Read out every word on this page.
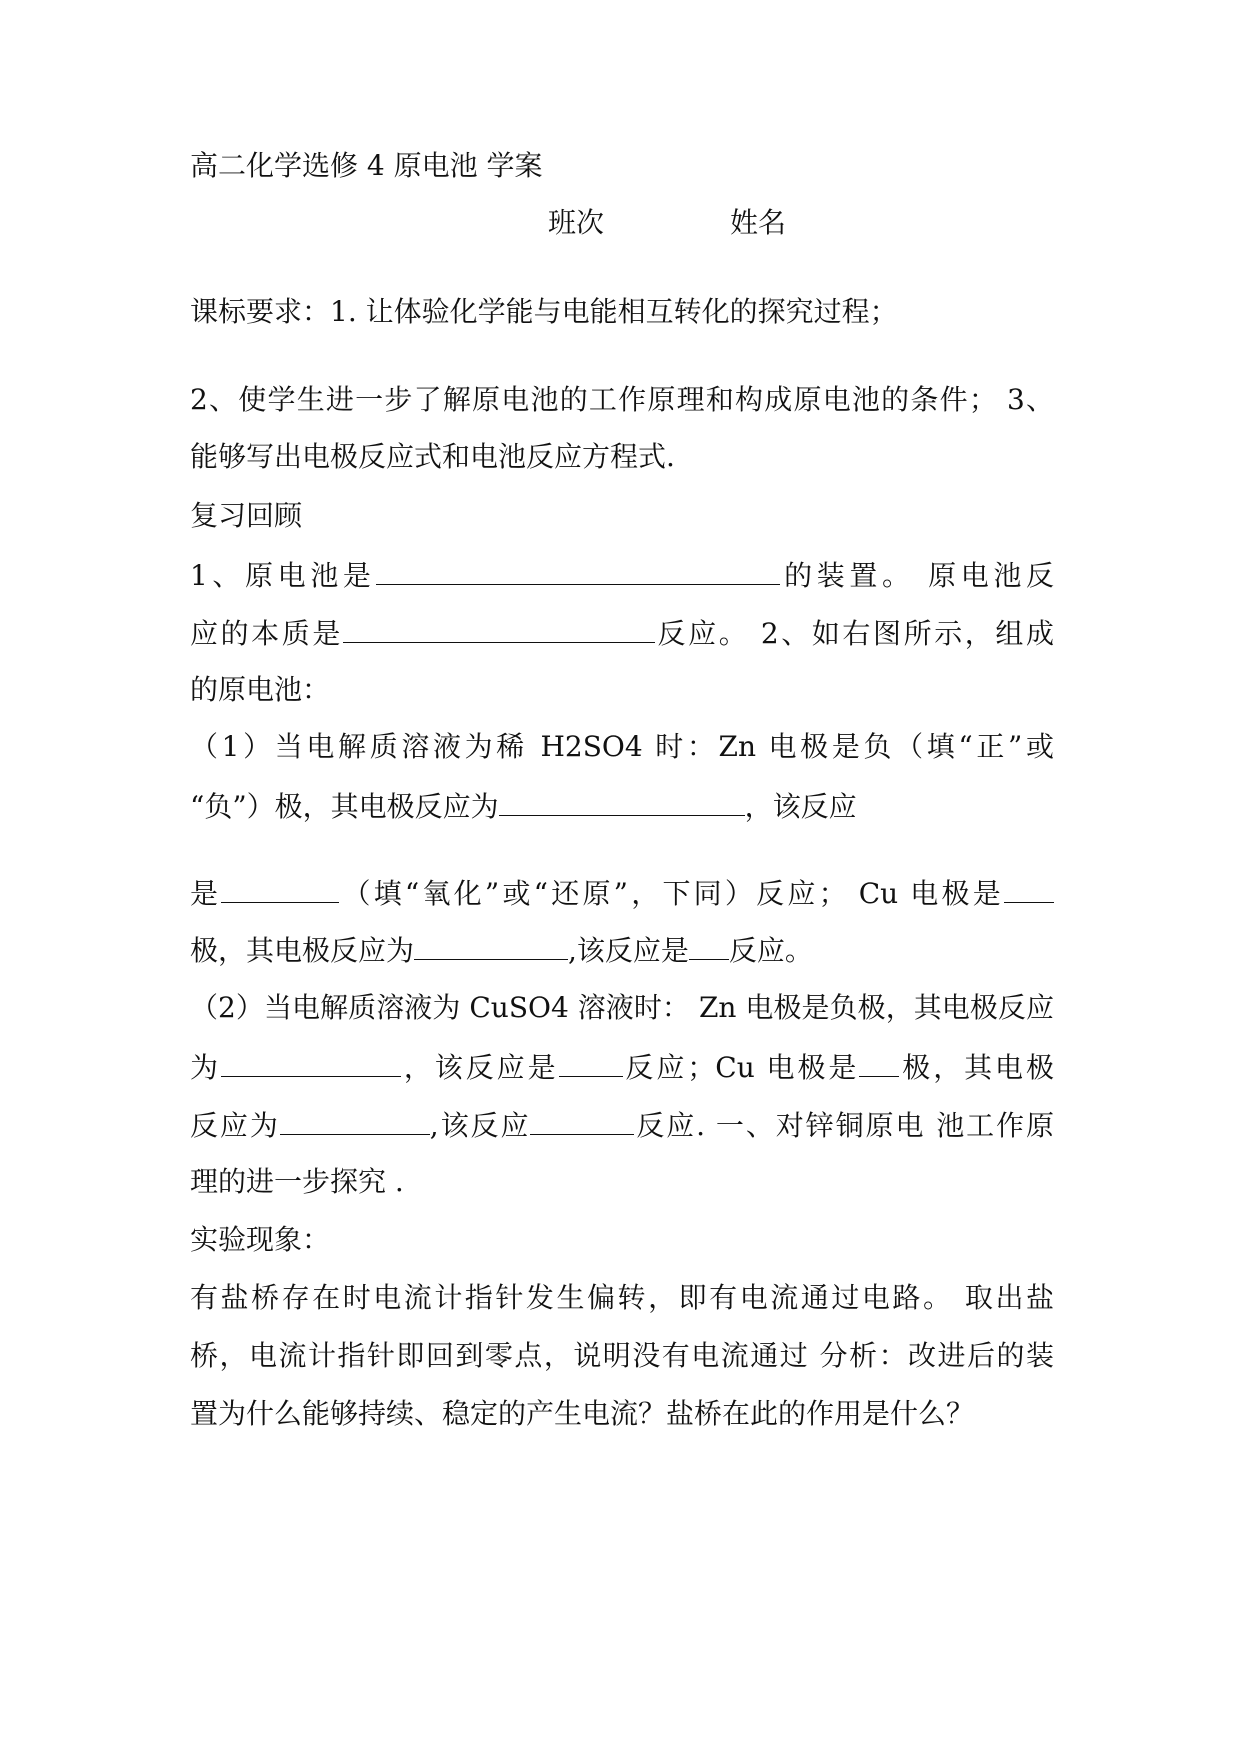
高二化学选修 4 原电池 学案
班次	姓名
课标要求：1. 让体验化学能与电能相互转化的探究过程；
2、使学生进一步了解原电池的工作原理和构成原电池的条件； 3、
能够写出电极反应式和电池反应方程式.
复习回顾
1、原电池是	的装置。 原电池反
应的本质是	反应。 2、如右图所示，组成
的原电池：
（1）当电解质溶液为稀 H2SO4 时：Zn 电极是负（填“正”或
“负”）极，其电极反应为	，该反应
是	（填“氧化”或“还原”，下同）反应； Cu 电极是
极，其电极反应为	,该反应是 反应。
（2）当电解质溶液为 CuSO4 溶液时： Zn 电极是负极，其电极反应
为	，该反应是 反应；Cu 电极是 极，其电极
反应为	,该反应	反应. 一、对锌铜原电 池工作原
理的进一步探究 .
实验现象：
有盐桥存在时电流计指针发生偏转，即有电流通过电路。 取出盐
桥，电流计指针即回到零点，说明没有电流通过 分析：改进后的装
置为什么能够持续、稳定的产生电流？盐桥在此的作用是什么？
